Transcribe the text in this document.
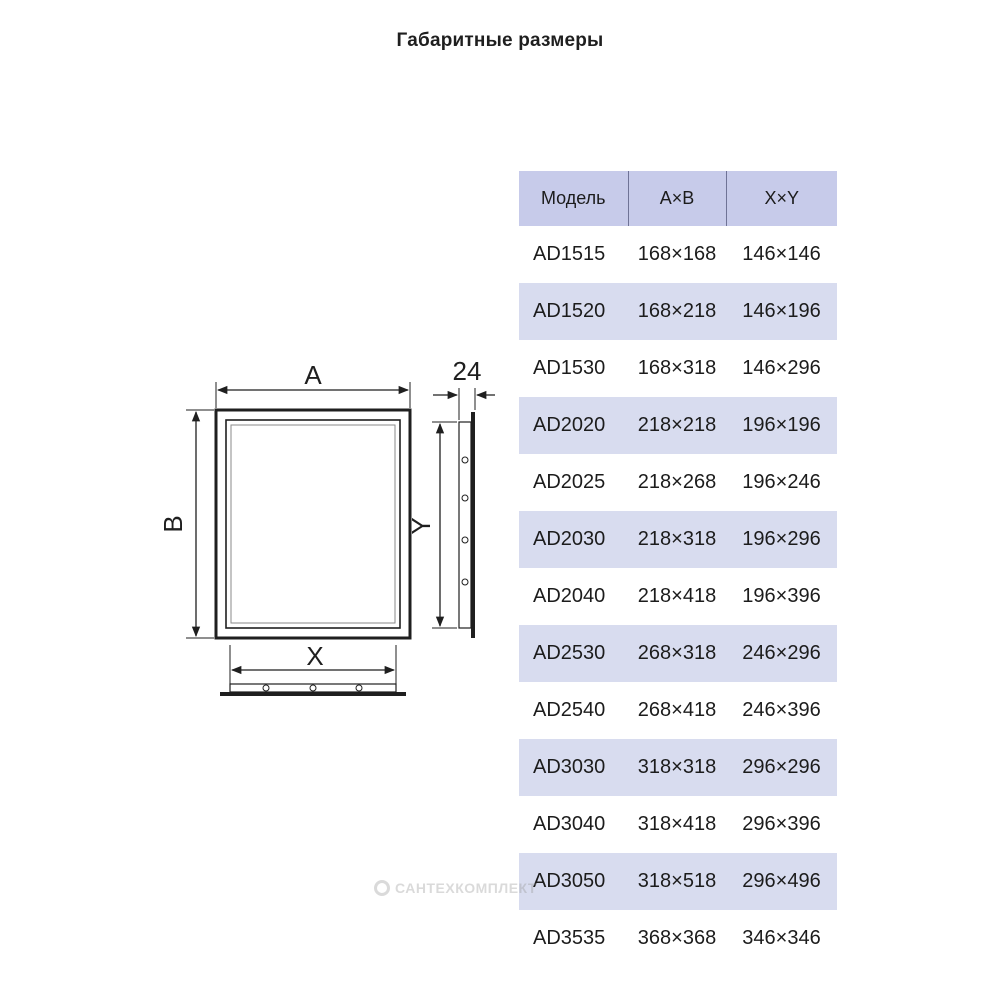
Габаритные размеры
A
B
X
Y
24
Модель	A×B	X×Y
AD1515	168×168	146×146
AD1520	168×218	146×196
AD1530	168×318	146×296
AD2020	218×218	196×196
AD2025	218×268	196×246
AD2030	218×318	196×296
AD2040	218×418	196×396
AD2530	268×318	246×296
AD2540	268×418	246×396
AD3030	318×318	296×296
AD3040	318×418	296×396
AD3050	318×518	296×496
AD3535	368×368	346×346
САНТЕХКОМПЛЕКТ
